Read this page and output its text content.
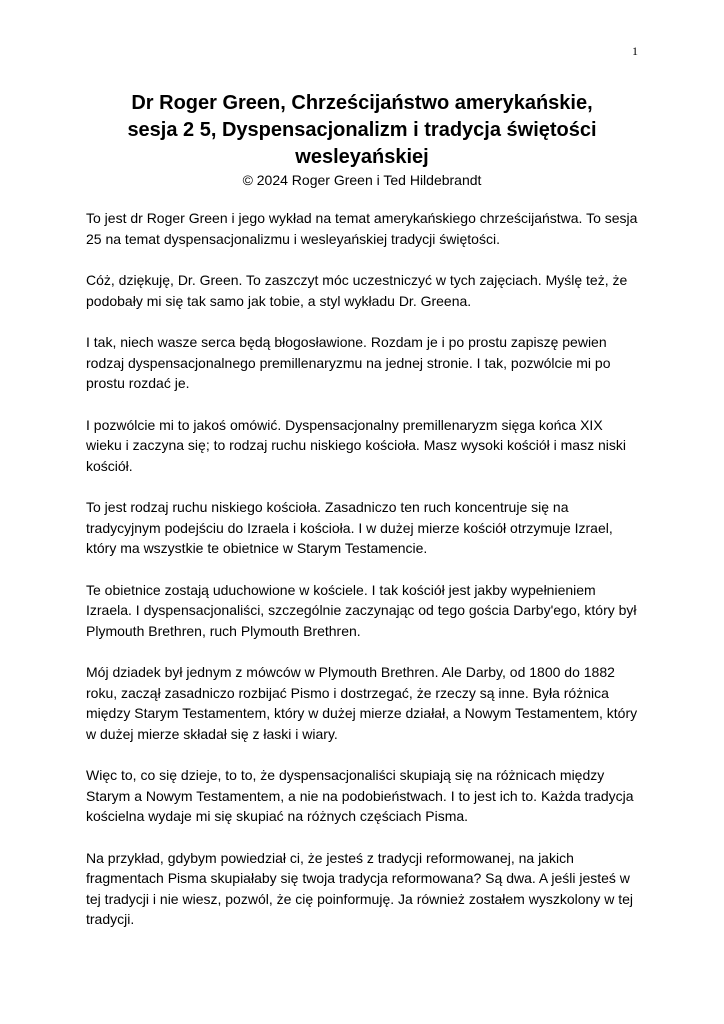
1
Dr Roger Green, Chrześcijaństwo amerykańskie,
sesja 2 5, Dyspensacjonalizm i tradycja świętości
wesleyańskiej

© 2024 Roger Green i Ted Hildebrandt

To jest dr Roger Green i jego wykład na temat amerykańskiego chrześcijaństwa. To sesja 25 na temat dyspensacjonalizmu i wesleyańskiej tradycji świętości.

Cóż, dziękuję, Dr. Green. To zaszczyt móc uczestniczyć w tych zajęciach. Myślę też, że podobały mi się tak samo jak tobie, a styl wykładu Dr. Greena.

I tak, niech wasze serca będą błogosławione. Rozdam je i po prostu zapiszę pewien rodzaj dyspensacjonalnego premillenaryzmu na jednej stronie. I tak, pozwólcie mi po prostu rozdać je.

I pozwólcie mi to jakoś omówić. Dyspensacjonalny premillenaryzm sięga końca XIX wieku i zaczyna się; to rodzaj ruchu niskiego kościoła. Masz wysoki kościół i masz niski kościół.

To jest rodzaj ruchu niskiego kościoła. Zasadniczo ten ruch koncentruje się na tradycyjnym podejściu do Izraela i kościoła. I w dużej mierze kościół otrzymuje Izrael, który ma wszystkie te obietnice w Starym Testamencie.

Te obietnice zostają uduchowione w kościele. I tak kościół jest jakby wypełnieniem Izraela. I dyspensacjonaliści, szczególnie zaczynając od tego gościa Darby'ego, który był Plymouth Brethren, ruch Plymouth Brethren.

Mój dziadek był jednym z mówców w Plymouth Brethren. Ale Darby, od 1800 do 1882 roku, zaczął zasadniczo rozbijać Pismo i dostrzegać, że rzeczy są inne. Była różnica między Starym Testamentem, który w dużej mierze działał, a Nowym Testamentem, który w dużej mierze składał się z łaski i wiary.

Więc to, co się dzieje, to to, że dyspensacjonaliści skupiają się na różnicach między Starym a Nowym Testamentem, a nie na podobieństwach. I to jest ich to. Każda tradycja kościelna wydaje mi się skupiać na różnych częściach Pisma.

Na przykład, gdybym powiedział ci, że jesteś z tradycji reformowanej, na jakich fragmentach Pisma skupiałaby się twoja tradycja reformowana? Są dwa. A jeśli jesteś w tej tradycji i nie wiesz, pozwól, że cię poinformuję. Ja również zostałem wyszkolony w tej tradycji.
